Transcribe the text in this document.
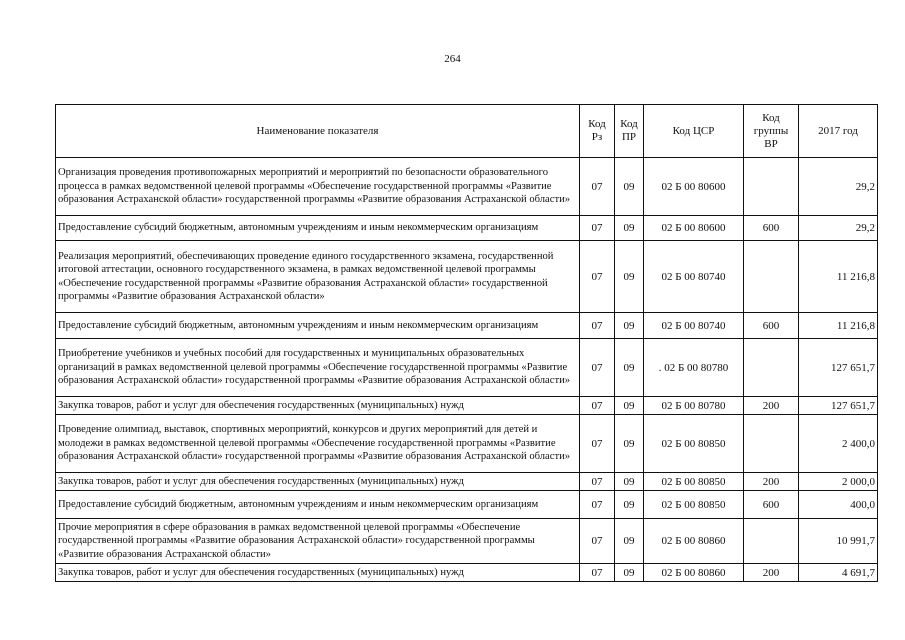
264
Наименование показателя	Код Рз	Код ПР	Код ЦСР	Код группы ВР	2017 год
Организация проведения противопожарных мероприятий и мероприятий по безопасности образовательного процесса в рамках ведомственной целевой программы «Обеспечение государственной программы «Развитие образования Астраханской области» государственной программы «Развитие образования Астраханской области»	07	09	02 Б 00 80600		29,2
Предоставление субсидий бюджетным, автономным учреждениям и иным некоммерческим организациям	07	09	02 Б 00 80600	600	29,2
Реализация мероприятий, обеспечивающих проведение единого государственного экзамена, государственной итоговой аттестации, основного государственного экзамена, в рамках ведомственной целевой программы «Обеспечение государственной программы «Развитие образования Астраханской области» государственной программы «Развитие образования Астраханской области»	07	09	02 Б 00 80740		11 216,8
Предоставление субсидий бюджетным, автономным учреждениям и иным некоммерческим организациям	07	09	02 Б 00 80740	600	11 216,8
Приобретение учебников и учебных пособий для государственных и муниципальных образовательных организаций в рамках ведомственной целевой программы «Обеспечение государственной программы «Развитие образования Астраханской области» государственной программы «Развитие образования Астраханской области»	07	09	. 02 Б 00 80780		127 651,7
Закупка товаров, работ и услуг для обеспечения государственных (муниципальных) нужд	07	09	02 Б 00 80780	200	127 651,7
Проведение олимпиад, выставок, спортивных мероприятий, конкурсов и других мероприятий для детей и молодежи в рамках ведомственной целевой программы «Обеспечение государственной программы «Развитие образования Астраханской области» государственной программы «Развитие образования Астраханской области»	07	09	02 Б 00 80850		2 400,0
Закупка товаров, работ и услуг для обеспечения государственных (муниципальных) нужд	07	09	02 Б 00 80850	200	2 000,0
Предоставление субсидий бюджетным, автономным учреждениям и иным некоммерческим организациям	07	09	02 Б 00 80850	600	400,0
Прочие мероприятия в сфере образования в рамках ведомственной целевой программы «Обеспечение государственной программы «Развитие образования Астраханской области» государственной программы «Развитие образования Астраханской области»	07	09	02 Б 00 80860		10 991,7
Закупка товаров, работ и услуг для обеспечения государственных (муниципальных) нужд	07	09	02 Б 00 80860	200	4 691,7
